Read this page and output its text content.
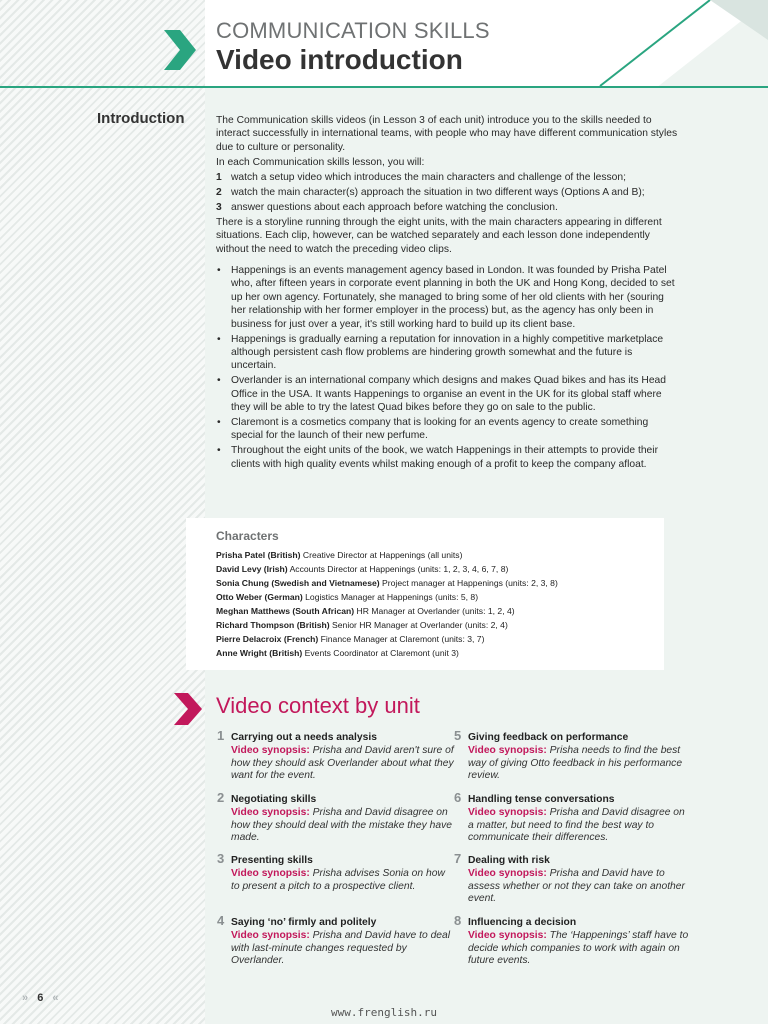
COMMUNICATION SKILLS
Video introduction
Introduction	The Communication skills videos (in Lesson 3 of each unit) introduce you to the skills needed to interact successfully in international teams, with people who may have different communication styles due to culture or personality.

In each Communication skills lesson, you will:

1 watch a setup video which introduces the main characters and challenge of the lesson;
2 watch the main character(s) approach the situation in two different ways (Options A and B);
3 answer questions about each approach before watching the conclusion.

There is a storyline running through the eight units, with the main characters appearing in different situations. Each clip, however, can be watched separately and each lesson done independently without the need to watch the preceding video clips.

• Happenings is an events management agency based in London. It was founded by Prisha Patel who, after fifteen years in corporate event planning in both the UK and Hong Kong, decided to set up her own agency. Fortunately, she managed to bring some of her old clients with her (souring her relationship with her former employer in the process) but, as the agency has only been in business for just over a year, it's still working hard to build up its client base.
• Happenings is gradually earning a reputation for innovation in a highly competitive marketplace although persistent cash flow problems are hindering growth somewhat and the future is uncertain.
• Overlander is an international company which designs and makes Quad bikes and has its Head Office in the USA. It wants Happenings to organise an event in the UK for its global staff where they will be able to try the latest Quad bikes before they go on sale to the public.
• Claremont is a cosmetics company that is looking for an events agency to create something special for the launch of their new perfume.
• Throughout the eight units of the book, we watch Happenings in their attempts to provide their clients with high quality events whilst making enough of a profit to keep the company afloat.
Characters
Prisha Patel (British) Creative Director at Happenings (all units)
David Levy (Irish) Accounts Director at Happenings (units: 1, 2, 3, 4, 6, 7, 8)
Sonia Chung (Swedish and Vietnamese) Project manager at Happenings (units: 2, 3, 8)
Otto Weber (German) Logistics Manager at Happenings (units: 5, 8)
Meghan Matthews (South African) HR Manager at Overlander (units: 1, 2, 4)
Richard Thompson (British) Senior HR Manager at Overlander (units: 2, 4)
Pierre Delacroix (French) Finance Manager at Claremont (units: 3, 7)
Anne Wright (British) Events Coordinator at Claremont (unit 3)
Video context by unit
1 Carrying out a needs analysis
Video synopsis: Prisha and David aren't sure of how they should ask Overlander about what they want for the event.
2 Negotiating skills
Video synopsis: Prisha and David disagree on how they should deal with the mistake they have made.
3 Presenting skills
Video synopsis: Prisha advises Sonia on how to present a pitch to a prospective client.
4 Saying ‘no’ firmly and politely
Video synopsis: Prisha and David have to deal with last-minute changes requested by Overlander.
5 Giving feedback on performance
Video synopsis: Prisha needs to find the best way of giving Otto feedback in his performance review.
6 Handling tense conversations
Video synopsis: Prisha and David disagree on a matter, but need to find the best way to communicate their differences.
7 Dealing with risk
Video synopsis: Prisha and David have to assess whether or not they can take on another event.
8 Influencing a decision
Video synopsis: The ‘Happenings’ staff have to decide which companies to work with again on future events.
» 6 «
www.frenglish.ru
